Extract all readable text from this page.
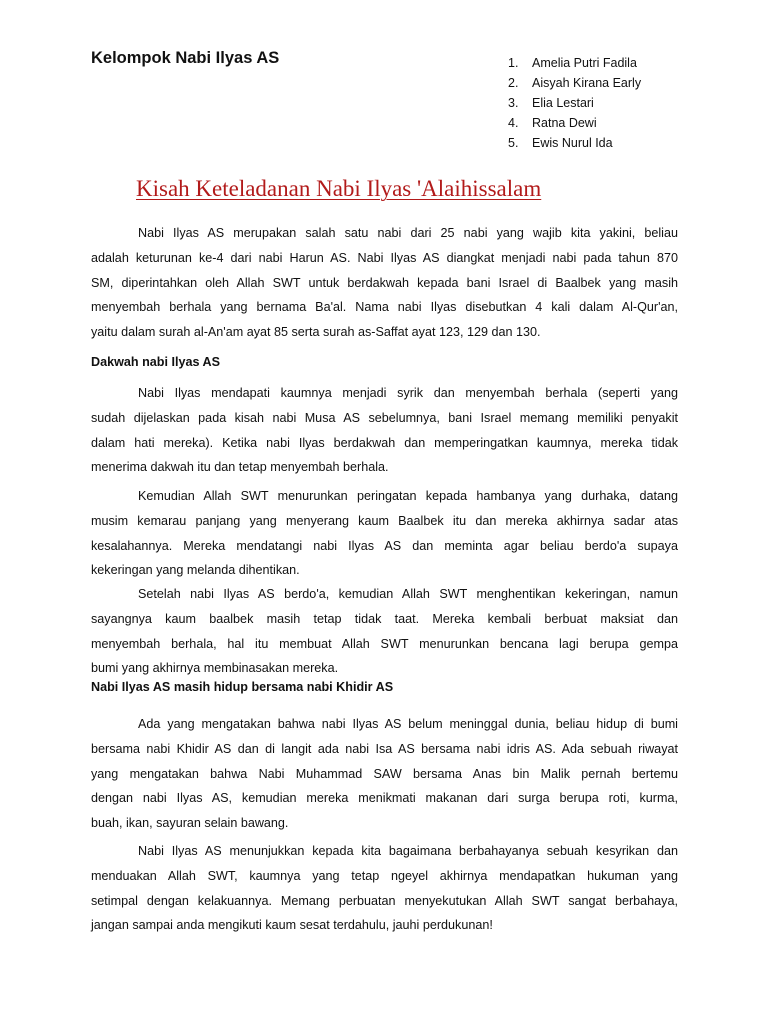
Kelompok Nabi Ilyas AS	1.	Amelia Putri Fadila
2.	Aisyah Kirana Early
3.	Elia Lestari
4.	Ratna Dewi
5.	Ewis Nurul Ida
Kisah Keteladanan Nabi Ilyas 'Alaihissalam
Nabi Ilyas AS merupakan salah satu nabi dari 25 nabi yang wajib kita yakini, beliau
adalah keturunan ke-4 dari nabi Harun AS. Nabi Ilyas AS diangkat menjadi nabi pada tahun 870
SM, diperintahkan oleh Allah SWT untuk berdakwah kepada bani Israel di Baalbek yang masih
menyembah berhala yang bernama Ba'al. Nama nabi Ilyas disebutkan 4 kali dalam Al-Qur'an,
yaitu dalam surah al-An'am ayat 85 serta surah as-Saffat ayat 123, 129 dan 130.
Dakwah nabi Ilyas AS
Nabi Ilyas mendapati kaumnya menjadi syrik dan menyembah berhala (seperti yang
sudah dijelaskan pada kisah nabi Musa AS sebelumnya, bani Israel memang memiliki penyakit
dalam hati mereka). Ketika nabi Ilyas berdakwah dan memperingatkan kaumnya, mereka tidak
menerima dakwah itu dan tetap menyembah berhala.
Kemudian Allah SWT menurunkan peringatan kepada hambanya yang durhaka, datang
musim kemarau panjang yang menyerang kaum Baalbek itu dan mereka akhirnya sadar atas
kesalahannya. Mereka mendatangi nabi Ilyas AS dan meminta agar beliau berdo'a supaya
kekeringan yang melanda dihentikan.
Setelah nabi Ilyas AS berdo'a, kemudian Allah SWT menghentikan kekeringan, namun
sayangnya kaum baalbek masih tetap tidak taat. Mereka kembali berbuat maksiat dan
menyembah berhala, hal itu membuat Allah SWT menurunkan bencana lagi berupa gempa
bumi yang akhirnya membinasakan mereka.
Nabi Ilyas AS masih hidup bersama nabi Khidir AS
Ada yang mengatakan bahwa nabi Ilyas AS belum meninggal dunia, beliau hidup di bumi
bersama nabi Khidir AS dan di langit ada nabi Isa AS bersama nabi idris AS. Ada sebuah riwayat
yang mengatakan bahwa Nabi Muhammad SAW bersama Anas bin Malik pernah bertemu
dengan nabi Ilyas AS, kemudian mereka menikmati makanan dari surga berupa roti, kurma,
buah, ikan, sayuran selain bawang.
Nabi Ilyas AS menunjukkan kepada kita bagaimana berbahayanya sebuah kesyrikan dan
menduakan Allah SWT, kaumnya yang tetap ngeyel akhirnya mendapatkan hukuman yang
setimpal dengan kelakuannya. Memang perbuatan menyekutukan Allah SWT sangat berbahaya,
jangan sampai anda mengikuti kaum sesat terdahulu, jauhi perdukunan!
